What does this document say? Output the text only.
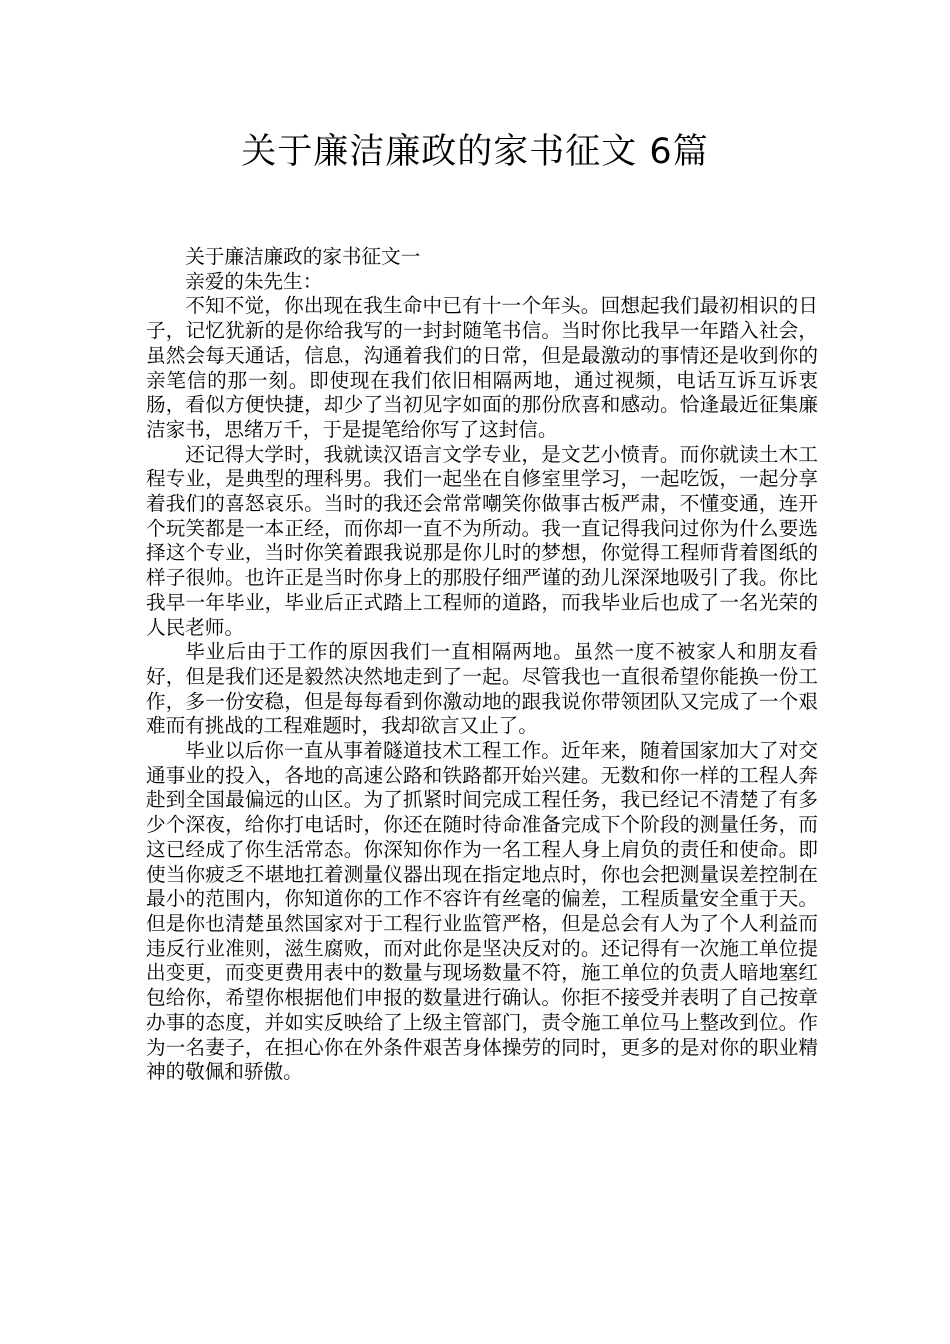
关于廉洁廉政的家书征文 6篇

关于廉洁廉政的家书征文一

亲爱的朱先生：

不知不觉，你出现在我生命中已有十一个年头。回想起我们最初相识的日子，记忆犹新的是你给我写的一封封随笔书信。当时你比我早一年踏入社会，虽然会每天通话，信息，沟通着我们的日常，但是最激动的事情还是收到你的亲笔信的那一刻。即使现在我们依旧相隔两地，通过视频，电话互诉互诉衷肠，看似方便快捷，却少了当初见字如面的那份欣喜和感动。恰逢最近征集廉洁家书，思绪万千，于是提笔给你写了这封信。

还记得大学时，我就读汉语言文学专业，是文艺小愤青。而你就读土木工程专业，是典型的理科男。我们一起坐在自修室里学习，一起吃饭，一起分享着我们的喜怒哀乐。当时的我还会常常嘲笑你做事古板严肃，不懂变通，连开个玩笑都是一本正经，而你却一直不为所动。我一直记得我问过你为什么要选择这个专业，当时你笑着跟我说那是你儿时的梦想，你觉得工程师背着图纸的样子很帅。也许正是当时你身上的那股仔细严谨的劲儿深深地吸引了我。你比我早一年毕业，毕业后正式踏上工程师的道路，而我毕业后也成了一名光荣的人民老师。

毕业后由于工作的原因我们一直相隔两地。虽然一度不被家人和朋友看好，但是我们还是毅然决然地走到了一起。尽管我也一直很希望你能换一份工作，多一份安稳，但是每每看到你激动地的跟我说你带领团队又完成了一个艰难而有挑战的工程难题时，我却欲言又止了。

毕业以后你一直从事着隧道技术工程工作。近年来，随着国家加大了对交通事业的投入，各地的高速公路和铁路都开始兴建。无数和你一样的工程人奔赴到全国最偏远的山区。为了抓紧时间完成工程任务，我已经记不清楚了有多少个深夜，给你打电话时，你还在随时待命准备完成下个阶段的测量任务，而这已经成了你生活常态。你深知你作为一名工程人身上肩负的责任和使命。即使当你疲乏不堪地扛着测量仪器出现在指定地点时，你也会把测量误差控制在最小的范围内，你知道你的工作不容许有丝毫的偏差，工程质量安全重于天。但是你也清楚虽然国家对于工程行业监管严格，但是总会有人为了个人利益而违反行业准则，滋生腐败，而对此你是坚决反对的。还记得有一次施工单位提出变更，而变更费用表中的数量与现场数量不符，施工单位的负责人暗地塞红包给你，希望你根据他们申报的数量进行确认。你拒不接受并表明了自己按章办事的态度，并如实反映给了上级主管部门，责令施工单位马上整改到位。作为一名妻子，在担心你在外条件艰苦身体操劳的同时，更多的是对你的职业精神的敬佩和骄傲。
